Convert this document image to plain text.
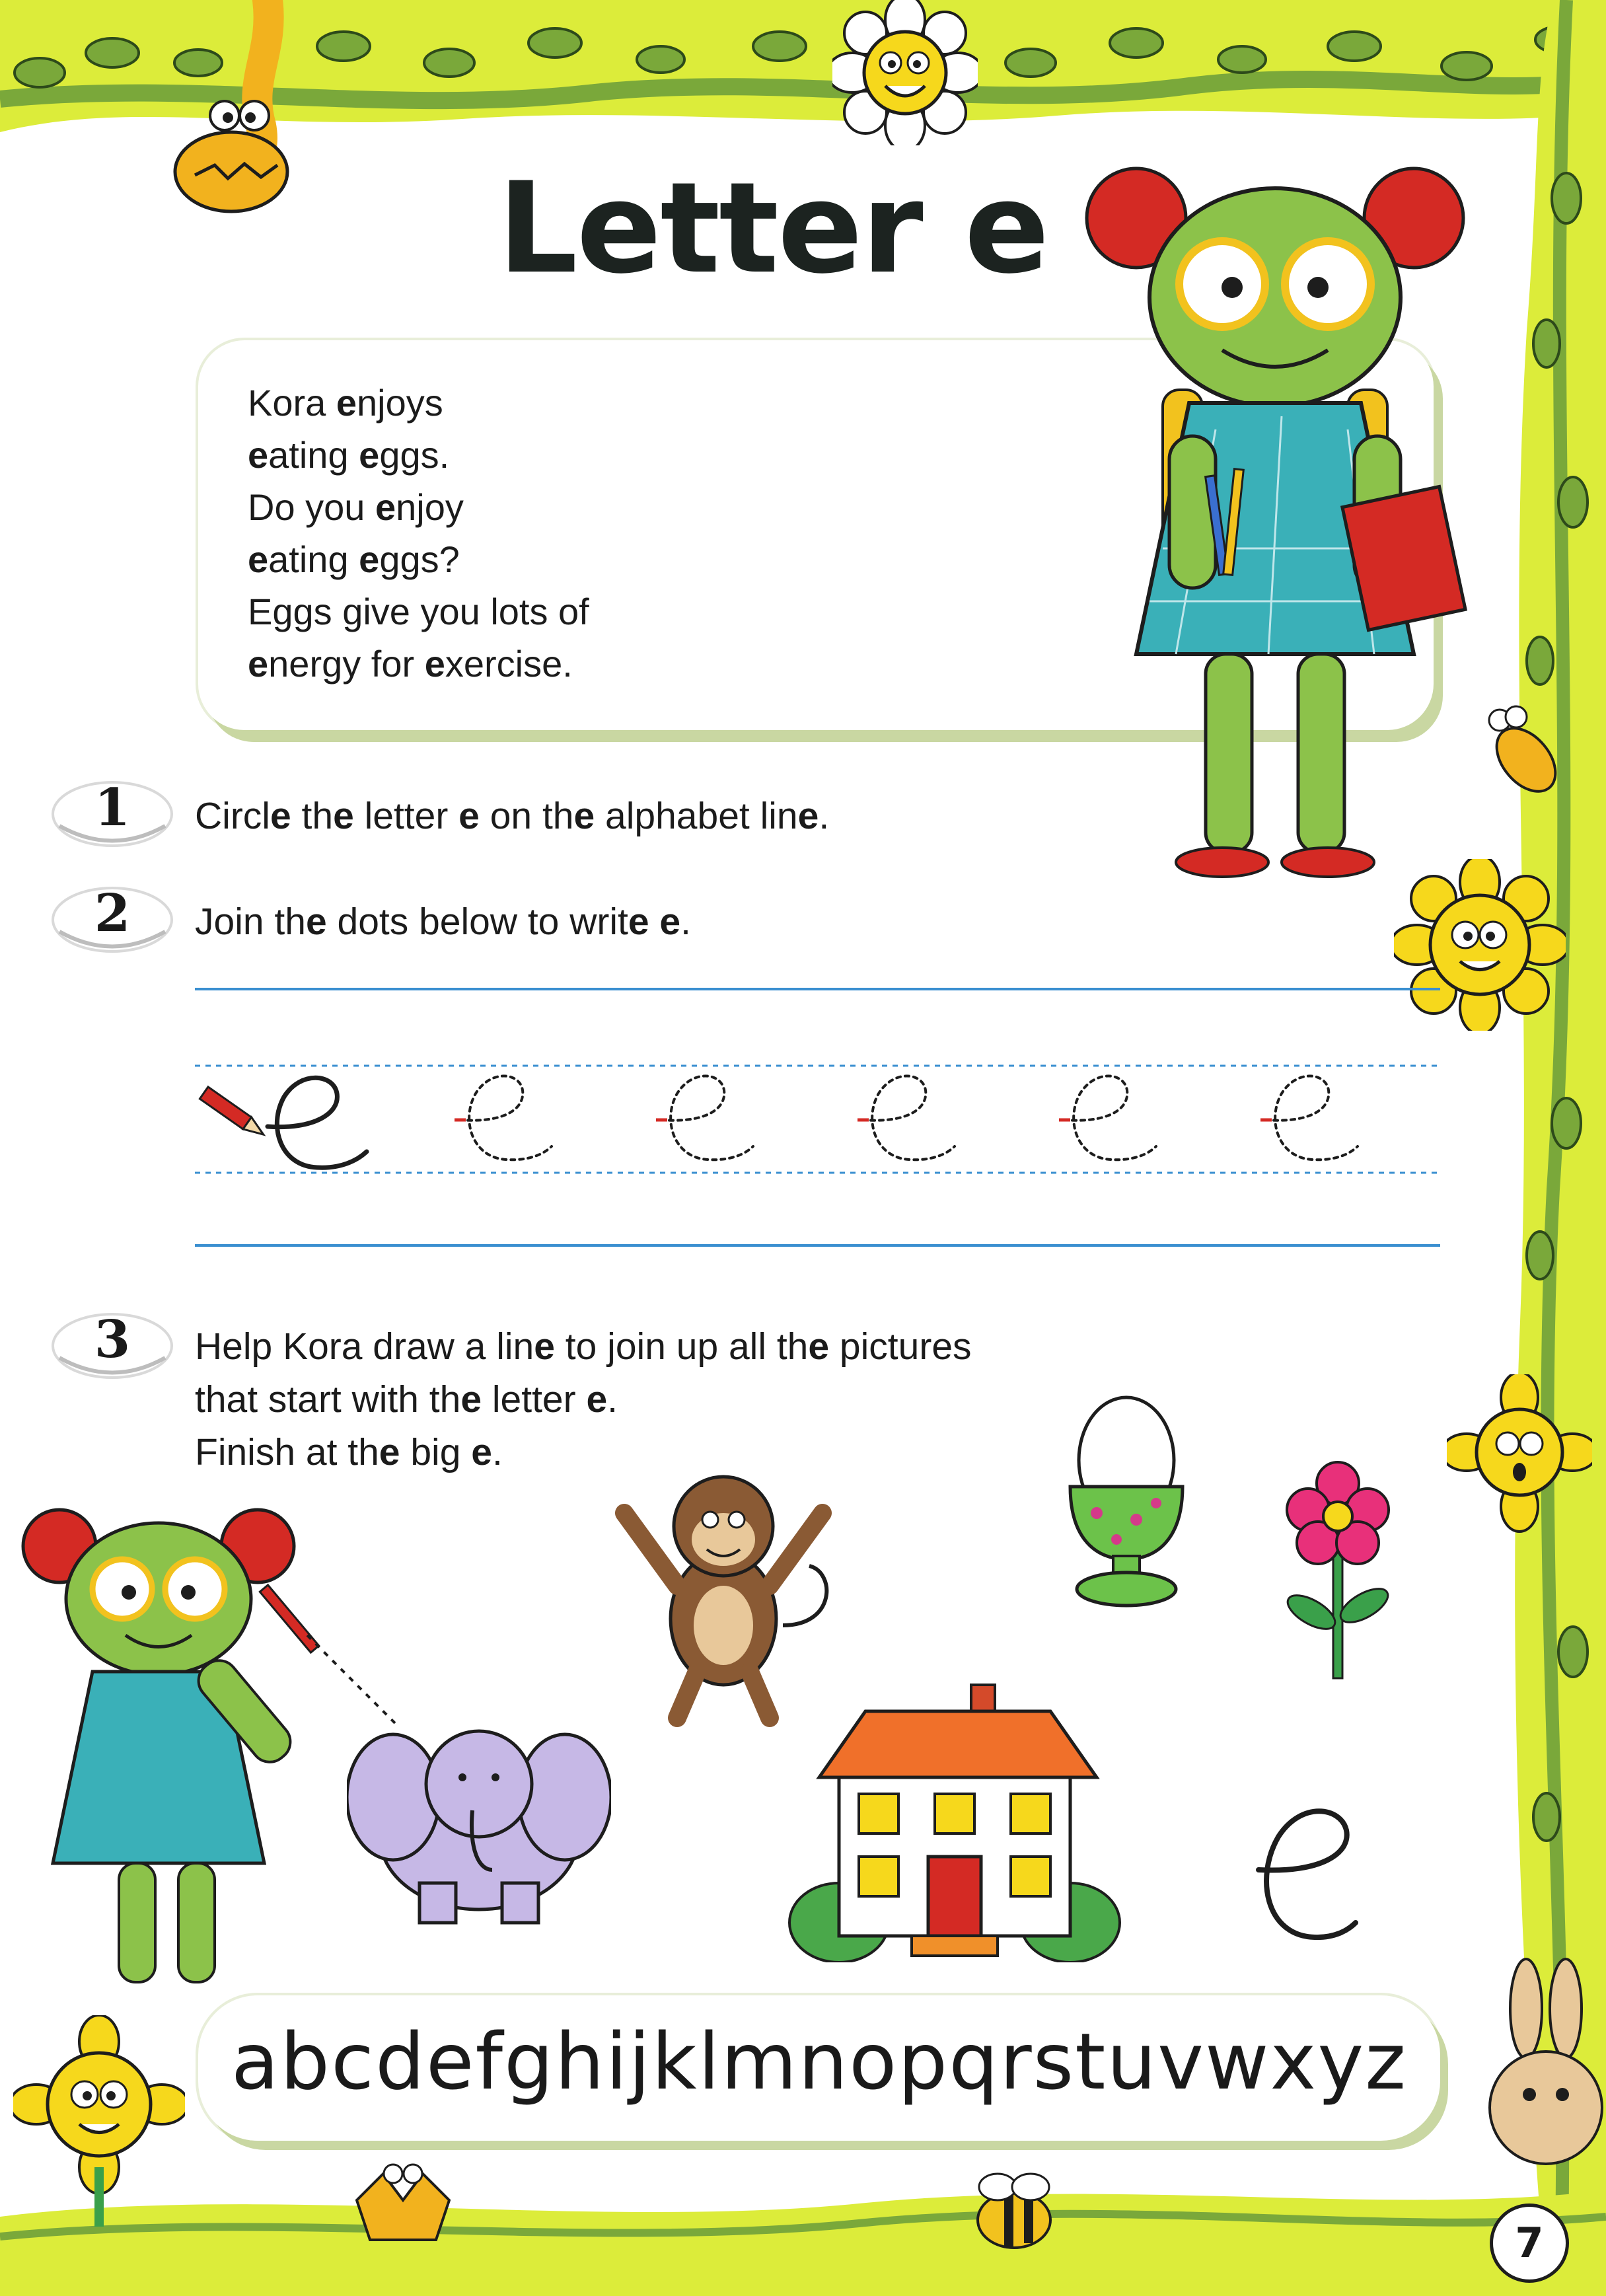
Letter e
Kora enjoys
eating eggs.
Do you enjoy
eating eggs?
Eggs give you lots of
energy for exercise.
1	Circle the letter e on the alphabet line.
2	Join the dots below to write e.
3	Help Kora draw a line to join up all the pictures
that start with the letter e.
Finish at the big e.
abcdefghijklmnopqrstuvwxyz
7
